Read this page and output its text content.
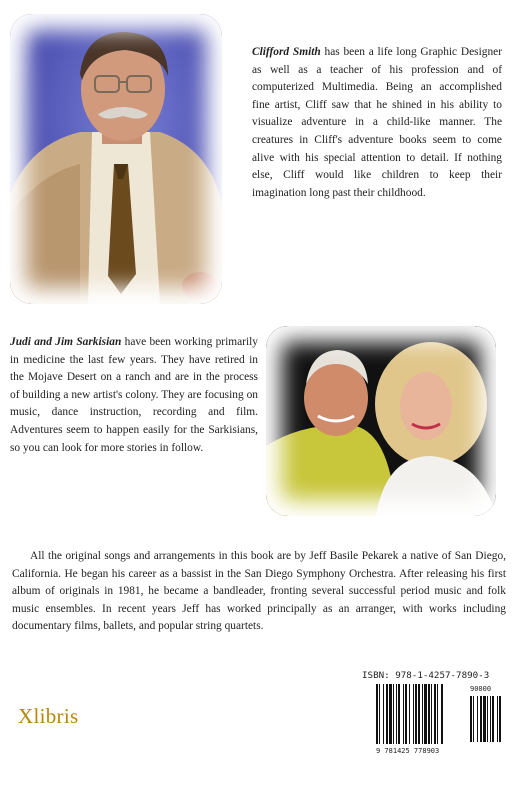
Clifford Smith has been a life long Graphic Designer as well as a teacher of his profession and of computerized Multimedia. Being an accomplished fine artist, Cliff saw that he shined in his ability to visualize adventure in a child-like manner. The creatures in Cliff's adventure books seem to come alive with his special attention to detail. If nothing else, Cliff would like children to keep their imagination long past their childhood.

Judi and Jim Sarkisian have been working primarily in medicine the last few years. They have retired in the Mojave Desert on a ranch and are in the process of building a new artist's colony. They are focusing on music, dance instruction, recording and film. Adventures seem to happen easily for the Sarkisians, so you can look for more stories in follow.

All the original songs and arrangements in this book are by Jeff Basile Pekarek a native of San Diego, California. He began his career as a bassist in the San Diego Symphony Orchestra. After releasing his first album of originals in 1981, he became a bandleader, fronting several successful period music and folk music ensembles. In recent years Jeff has worked principally as an arranger, with works including documentary films, ballets, and popular string quartets.

Xlibris
ISBN: 978-1-4257-7890-3
9 781425 778903
90000
